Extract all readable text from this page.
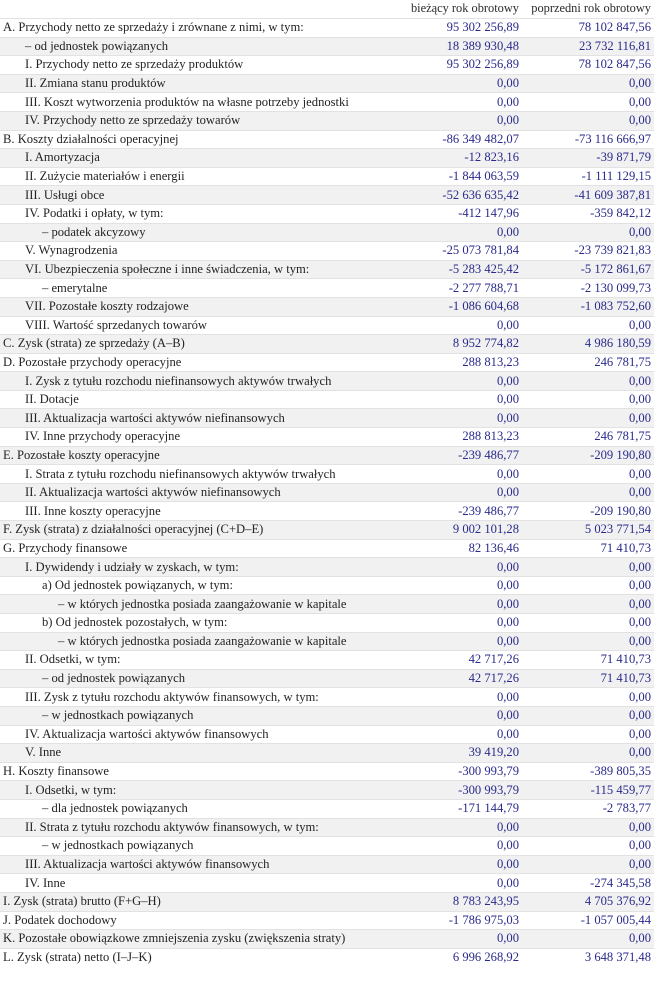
	bieżący rok obrotowy	poprzedni rok obrotowy
A. Przychody netto ze sprzedaży i zrównane z nimi, w tym:	95 302 256,89	78 102 847,56
– od jednostek powiązanych	18 389 930,48	23 732 116,81
I. Przychody netto ze sprzedaży produktów	95 302 256,89	78 102 847,56
II. Zmiana stanu produktów	0,00	0,00
III. Koszt wytworzenia produktów na własne potrzeby jednostki	0,00	0,00
IV. Przychody netto ze sprzedaży towarów	0,00	0,00
B. Koszty działalności operacyjnej	-86 349 482,07	-73 116 666,97
I. Amortyzacja	-12 823,16	-39 871,79
II. Zużycie materiałów i energii	-1 844 063,59	-1 111 129,15
III. Usługi obce	-52 636 635,42	-41 609 387,81
IV. Podatki i opłaty, w tym:	-412 147,96	-359 842,12
– podatek akcyzowy	0,00	0,00
V. Wynagrodzenia	-25 073 781,84	-23 739 821,83
VI. Ubezpieczenia społeczne i inne świadczenia, w tym:	-5 283 425,42	-5 172 861,67
– emerytalne	-2 277 788,71	-2 130 099,73
VII. Pozostałe koszty rodzajowe	-1 086 604,68	-1 083 752,60
VIII. Wartość sprzedanych towarów	0,00	0,00
C. Zysk (strata) ze sprzedaży (A–B)	8 952 774,82	4 986 180,59
D. Pozostałe przychody operacyjne	288 813,23	246 781,75
I. Zysk z tytułu rozchodu niefinansowych aktywów trwałych	0,00	0,00
II. Dotacje	0,00	0,00
III. Aktualizacja wartości aktywów niefinansowych	0,00	0,00
IV. Inne przychody operacyjne	288 813,23	246 781,75
E. Pozostałe koszty operacyjne	-239 486,77	-209 190,80
I. Strata z tytułu rozchodu niefinansowych aktywów trwałych	0,00	0,00
II. Aktualizacja wartości aktywów niefinansowych	0,00	0,00
III. Inne koszty operacyjne	-239 486,77	-209 190,80
F. Zysk (strata) z działalności operacyjnej (C+D–E)	9 002 101,28	5 023 771,54
G. Przychody finansowe	82 136,46	71 410,73
I. Dywidendy i udziały w zyskach, w tym:	0,00	0,00
a) Od jednostek powiązanych, w tym:	0,00	0,00
– w których jednostka posiada zaangażowanie w kapitale	0,00	0,00
b) Od jednostek pozostałych, w tym:	0,00	0,00
– w których jednostka posiada zaangażowanie w kapitale	0,00	0,00
II. Odsetki, w tym:	42 717,26	71 410,73
– od jednostek powiązanych	42 717,26	71 410,73
III. Zysk z tytułu rozchodu aktywów finansowych, w tym:	0,00	0,00
– w jednostkach powiązanych	0,00	0,00
IV. Aktualizacja wartości aktywów finansowych	0,00	0,00
V. Inne	39 419,20	0,00
H. Koszty finansowe	-300 993,79	-389 805,35
I. Odsetki, w tym:	-300 993,79	-115 459,77
– dla jednostek powiązanych	-171 144,79	-2 783,77
II. Strata z tytułu rozchodu aktywów finansowych, w tym:	0,00	0,00
– w jednostkach powiązanych	0,00	0,00
III. Aktualizacja wartości aktywów finansowych	0,00	0,00
IV. Inne	0,00	-274 345,58
I. Zysk (strata) brutto (F+G–H)	8 783 243,95	4 705 376,92
J. Podatek dochodowy	-1 786 975,03	-1 057 005,44
K. Pozostałe obowiązkowe zmniejszenia zysku (zwiększenia straty)	0,00	0,00
L. Zysk (strata) netto (I–J–K)	6 996 268,92	3 648 371,48
